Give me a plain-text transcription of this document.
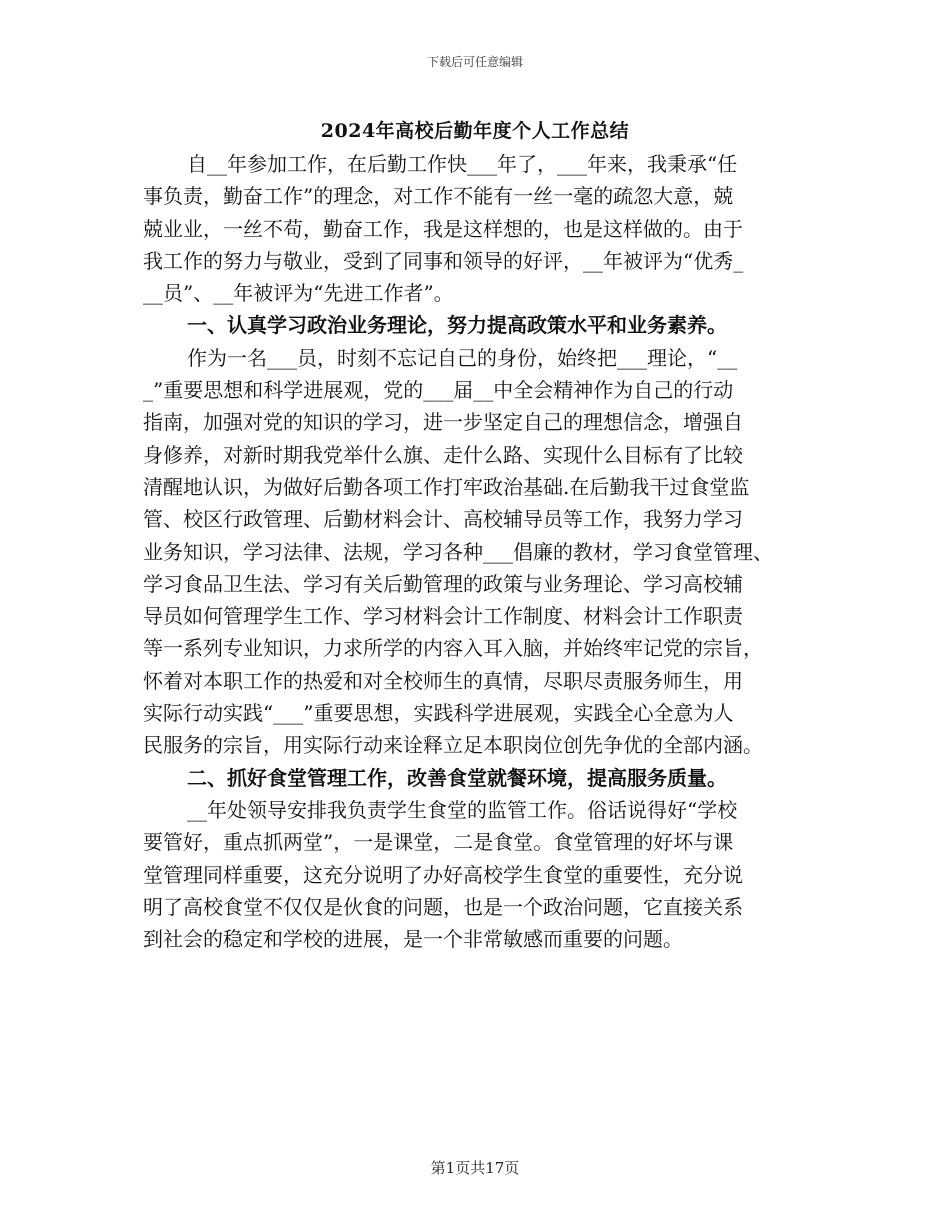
下载后可任意编辑
2024年高校后勤年度个人工作总结
自__年参加工作，在后勤工作快___年了，___年来，我秉承“任
事负责，勤奋工作”的理念，对工作不能有一丝一毫的疏忽大意，兢
兢业业，一丝不苟，勤奋工作，我是这样想的，也是这样做的。由于
我工作的努力与敬业，受到了同事和领导的好评，__年被评为“优秀_
__员”、__年被评为“先进工作者”。
一、认真学习政治业务理论，努力提高政策水平和业务素养。
作为一名___员，时刻不忘记自己的身份，始终把___理论，“__
_”重要思想和科学进展观，党的___届__中全会精神作为自己的行动
指南，加强对党的知识的学习，进一步坚定自己的理想信念，增强自
身修养，对新时期我党举什么旗、走什么路、实现什么目标有了比较
清醒地认识，为做好后勤各项工作打牢政治基础.在后勤我干过食堂监
管、校区行政管理、后勤材料会计、高校辅导员等工作，我努力学习
业务知识，学习法律、法规，学习各种___倡廉的教材，学习食堂管理、
学习食品卫生法、学习有关后勤管理的政策与业务理论、学习高校辅
导员如何管理学生工作、学习材料会计工作制度、材料会计工作职责
等一系列专业知识，力求所学的内容入耳入脑，并始终牢记党的宗旨，
怀着对本职工作的热爱和对全校师生的真情，尽职尽责服务师生，用
实际行动实践“___”重要思想，实践科学进展观，实践全心全意为人
民服务的宗旨，用实际行动来诠释立足本职岗位创先争优的全部内涵。
二、抓好食堂管理工作，改善食堂就餐环境，提高服务质量。
__年处领导安排我负责学生食堂的监管工作。俗话说得好“学校
要管好，重点抓两堂”，一是课堂，二是食堂。食堂管理的好坏与课
堂管理同样重要，这充分说明了办好高校学生食堂的重要性，充分说
明了高校食堂不仅仅是伙食的问题，也是一个政治问题，它直接关系
到社会的稳定和学校的进展，是一个非常敏感而重要的问题。
第1页共17页
